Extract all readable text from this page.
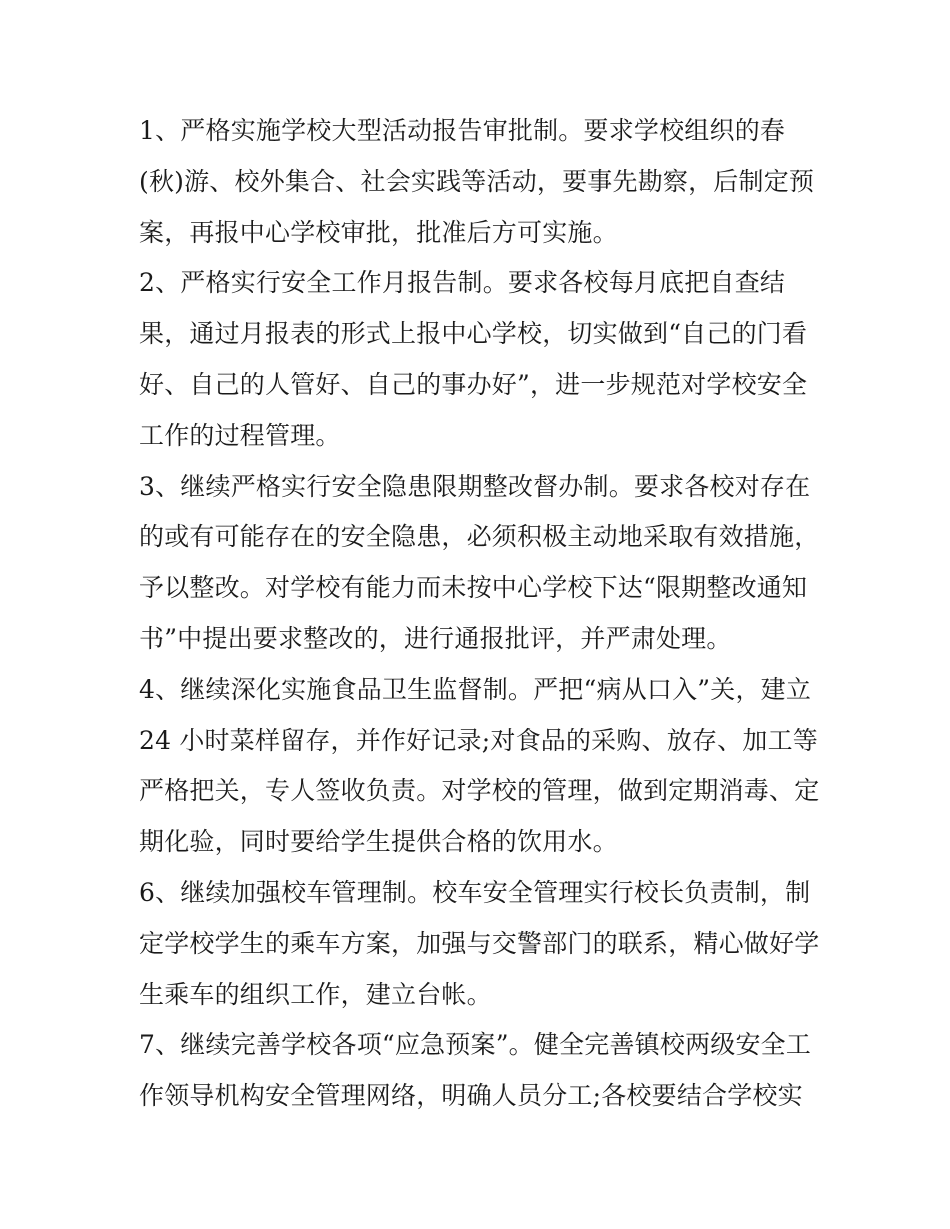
1、严格实施学校大型活动报告审批制。要求学校组织的春
(秋)游、校外集合、社会实践等活动，要事先勘察，后制定预
案，再报中心学校审批，批准后方可实施。
2、严格实行安全工作月报告制。要求各校每月底把自查结
果，通过月报表的形式上报中心学校，切实做到“自己的门看
好、自己的人管好、自己的事办好”，进一步规范对学校安全
工作的过程管理。
3、继续严格实行安全隐患限期整改督办制。要求各校对存在
的或有可能存在的安全隐患，必须积极主动地采取有效措施，
予以整改。对学校有能力而未按中心学校下达“限期整改通知
书”中提出要求整改的，进行通报批评，并严肃处理。
4、继续深化实施食品卫生监督制。严把“病从口入”关，建立
24 小时菜样留存，并作好记录;对食品的采购、放存、加工等
严格把关，专人签收负责。对学校的管理，做到定期消毒、定
期化验，同时要给学生提供合格的饮用水。
6、继续加强校车管理制。校车安全管理实行校长负责制，制
定学校学生的乘车方案，加强与交警部门的联系，精心做好学
生乘车的组织工作，建立台帐。
7、继续完善学校各项“应急预案”。健全完善镇校两级安全工
作领导机构安全管理网络，明确人员分工;各校要结合学校实
